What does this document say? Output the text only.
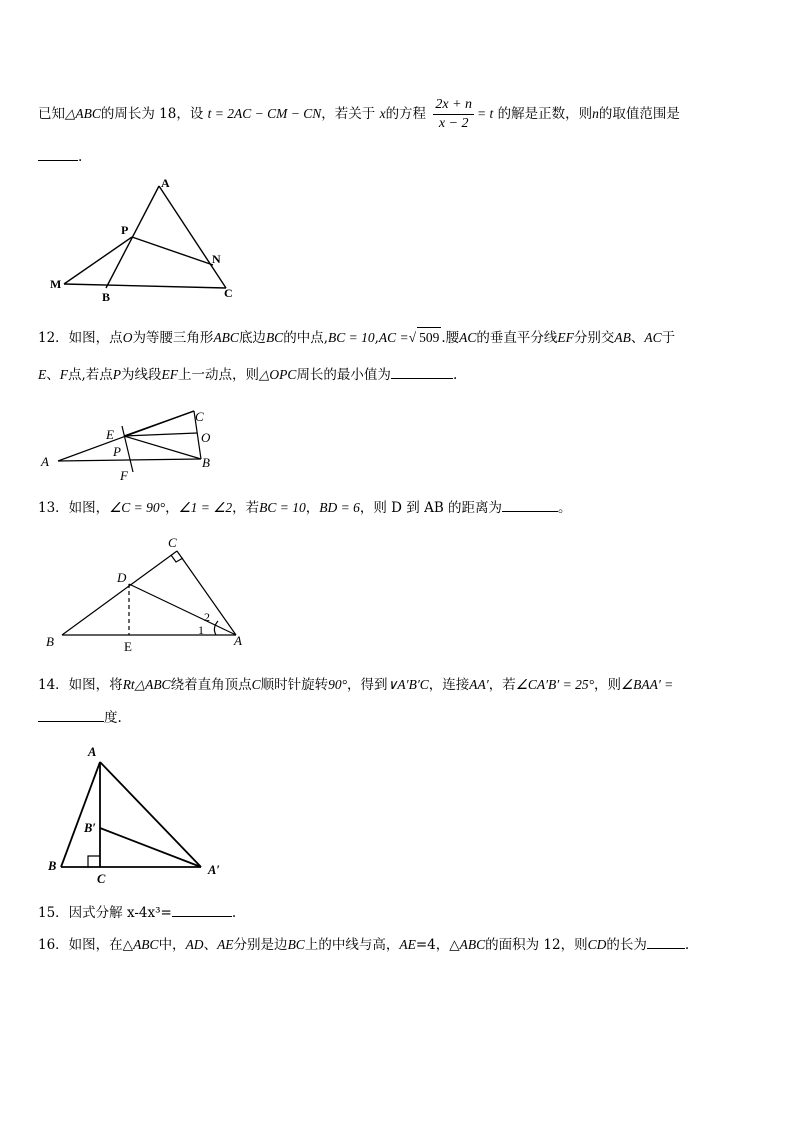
已知△ABC的周长为 18，设 t = 2AC − CM − CN，若关于 x的方程 $\frac{2x + n}{x - 2} = t$ 的解是正数，则n的取值范围是
.
A
P
N
M
B	C
12．如图，点O为等腰三角形ABC底边BC的中点,BC = 10,AC =√ 509 .腰AC的垂直平分线EF分别交AB、AC于
E、F点,若点P为线段EF上一动点，则△OPC周长的最小值为	.
C
E	O
P
A	B
F
13．如图，∠C = 90°，∠1 = ∠2，若BC = 10，BD = 6，则 D 到 AB 的距离为	。
C
D
B	A
E
1
2
14．如图，将Rt△ABC绕着直角顶点C顺时针旋转90°，得到∨A′B′C，连接AA′，若∠CA′B′ = 25°，则∠BAA′ =
度.
A
B′
B
C
A′
15．因式分解 x-4x³=	.
16．如图，在△ABC中，AD、AE分别是边BC上的中线与高，AE=4，△ABC的面积为 12，则CD的长为	.
